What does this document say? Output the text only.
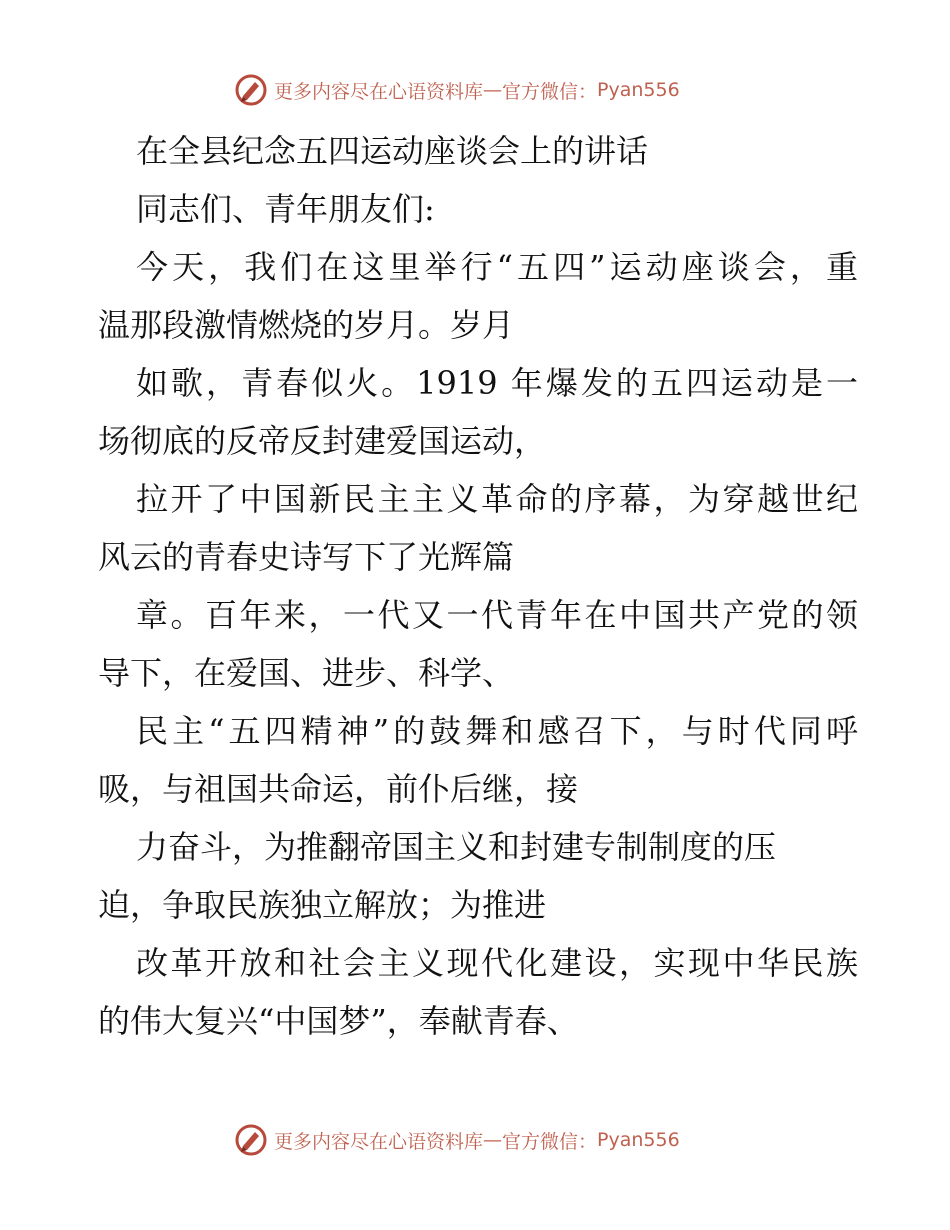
更多内容尽在心语资料库 — 官方微信： Pyan556
在全县纪念五四运动座谈会上的讲话
同志们、青年朋友们:
今天，我们在这里举行“五四”运动座谈会，重
温那段激情燃烧的岁月。岁月
如歌，青春似火。1919 年爆发的五四运动是一
场彻底的反帝反封建爱国运动，
拉开了中国新民主主义革命的序幕，为穿越世纪
风云的青春史诗写下了光辉篇
章。百年来，一代又一代青年在中国共产党的领
导下，在爱国、进步、科学、
民主“五四精神”的鼓舞和感召下，与时代同呼
吸，与祖国共命运，前仆后继，接
力奋斗，为推翻帝国主义和封建专制制度的压
迫，争取民族独立解放；为推进
改革开放和社会主义现代化建设，实现中华民族
的伟大复兴“中国梦”，奉献青春、
更多内容尽在心语资料库 — 官方微信： Pyan556
